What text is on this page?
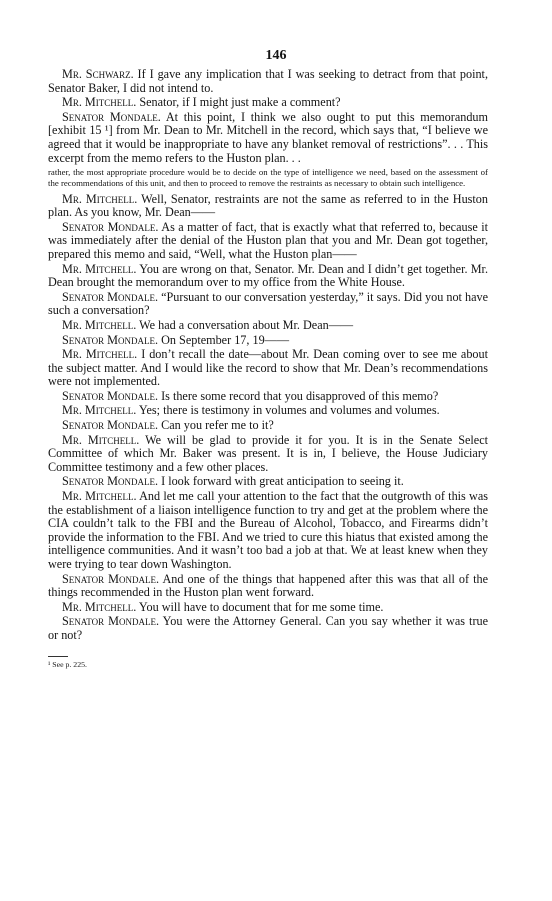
146

Mr. Schwarz. If I gave any implication that I was seeking to detract from that point, Senator Baker, I did not intend to.

Mr. Mitchell. Senator, if I might just make a comment?

Senator Mondale. At this point, I think we also ought to put this memorandum [exhibit 15 ¹] from Mr. Dean to Mr. Mitchell in the record, which says that, “I believe we agreed that it would be inappropriate to have any blanket removal of restrictions”. . . This excerpt from the memo refers to the Huston plan. . .

rather, the most appropriate procedure would be to decide on the type of intelligence we need, based on the assessment of the recommendations of this unit, and then to proceed to remove the restraints as necessary to obtain such intelligence.

Mr. Mitchell. Well, Senator, restraints are not the same as referred to in the Huston plan. As you know, Mr. Dean——

Senator Mondale. As a matter of fact, that is exactly what that referred to, because it was immediately after the denial of the Huston plan that you and Mr. Dean got together, prepared this memo and said, “Well, what the Huston plan——

Mr. Mitchell. You are wrong on that, Senator. Mr. Dean and I didn’t get together. Mr. Dean brought the memorandum over to my office from the White House.

Senator Mondale. “Pursuant to our conversation yesterday,” it says. Did you not have such a conversation?

Mr. Mitchell. We had a conversation about Mr. Dean——

Senator Mondale. On September 17, 19——

Mr. Mitchell. I don’t recall the date—about Mr. Dean coming over to see me about the subject matter. And I would like the record to show that Mr. Dean’s recommendations were not implemented.

Senator Mondale. Is there some record that you disapproved of this memo?

Mr. Mitchell. Yes; there is testimony in volumes and volumes and volumes.

Senator Mondale. Can you refer me to it?

Mr. Mitchell. We will be glad to provide it for you. It is in the Senate Select Committee of which Mr. Baker was present. It is in, I believe, the House Judiciary Committee testimony and a few other places.

Senator Mondale. I look forward with great anticipation to seeing it.

Mr. Mitchell. And let me call your attention to the fact that the outgrowth of this was the establishment of a liaison intelligence function to try and get at the problem where the CIA couldn’t talk to the FBI and the Bureau of Alcohol, Tobacco, and Firearms didn’t provide the information to the FBI. And we tried to cure this hiatus that existed among the intelligence communities. And it wasn’t too bad a job at that. We at least knew when they were trying to tear down Washington.

Senator Mondale. And one of the things that happened after this was that all of the things recommended in the Huston plan went forward.

Mr. Mitchell. You will have to document that for me some time.

Senator Mondale. You were the Attorney General. Can you say whether it was true or not?

¹ See p. 225.
